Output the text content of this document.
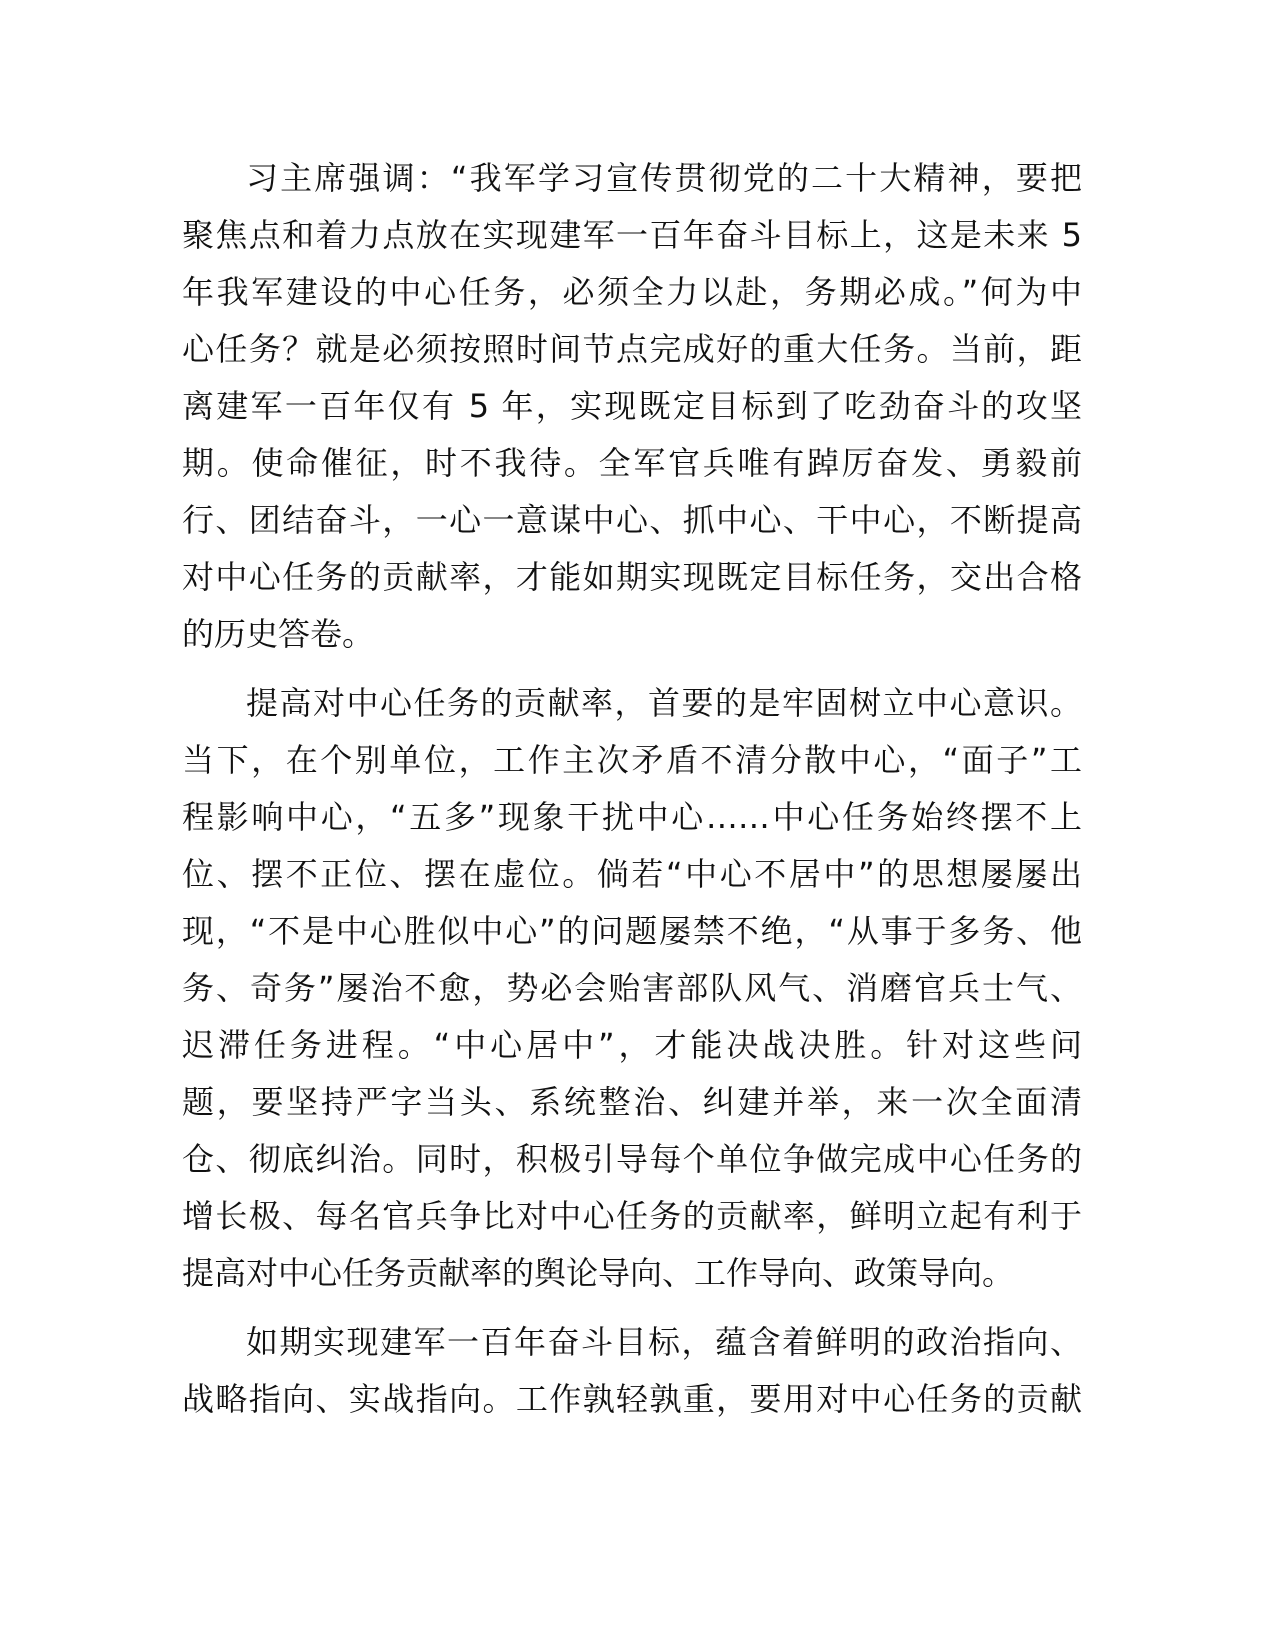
习主席强调：“我军学习宣传贯彻党的二十大精神，要把
聚焦点和着力点放在实现建军一百年奋斗目标上，这是未来 5
年我军建设的中心任务，必须全力以赴，务期必成。”何为中
心任务？就是必须按照时间节点完成好的重大任务。当前，距
离建军一百年仅有 5 年，实现既定目标到了吃劲奋斗的攻坚
期。使命催征，时不我待。全军官兵唯有踔厉奋发、勇毅前
行、团结奋斗，一心一意谋中心、抓中心、干中心，不断提高
对中心任务的贡献率，才能如期实现既定目标任务，交出合格
的历史答卷。
提高对中心任务的贡献率，首要的是牢固树立中心意识。
当下，在个别单位，工作主次矛盾不清分散中心，“面子”工
程影响中心，“五多”现象干扰中心……中心任务始终摆不上
位、摆不正位、摆在虚位。倘若“中心不居中”的思想屡屡出
现，“不是中心胜似中心”的问题屡禁不绝，“从事于多务、他
务、奇务”屡治不愈，势必会贻害部队风气、消磨官兵士气、
迟滞任务进程。“中心居中”，才能决战决胜。针对这些问
题，要坚持严字当头、系统整治、纠建并举，来一次全面清
仓、彻底纠治。同时，积极引导每个单位争做完成中心任务的
增长极、每名官兵争比对中心任务的贡献率，鲜明立起有利于
提高对中心任务贡献率的舆论导向、工作导向、政策导向。
如期实现建军一百年奋斗目标，蕴含着鲜明的政治指向、
战略指向、实战指向。工作孰轻孰重，要用对中心任务的贡献
